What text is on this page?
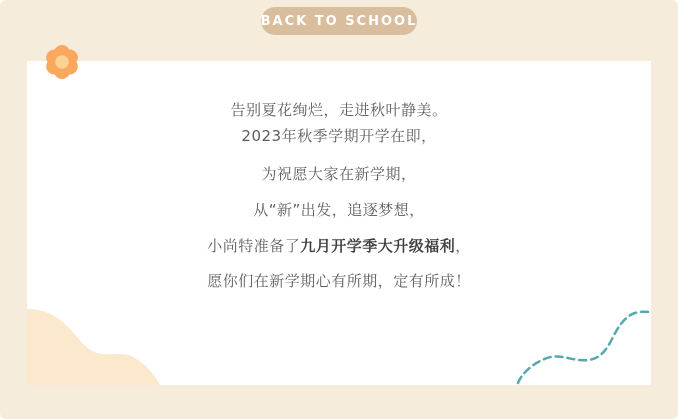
BACK TO SCHOOL

告别夏花绚烂，走进秋叶静美。

2023年秋季学期开学在即，

为祝愿大家在新学期，

从“新”出发，追逐梦想，

小尚特准备了九月开学季大升级福利，

愿你们在新学期心有所期，定有所成！
